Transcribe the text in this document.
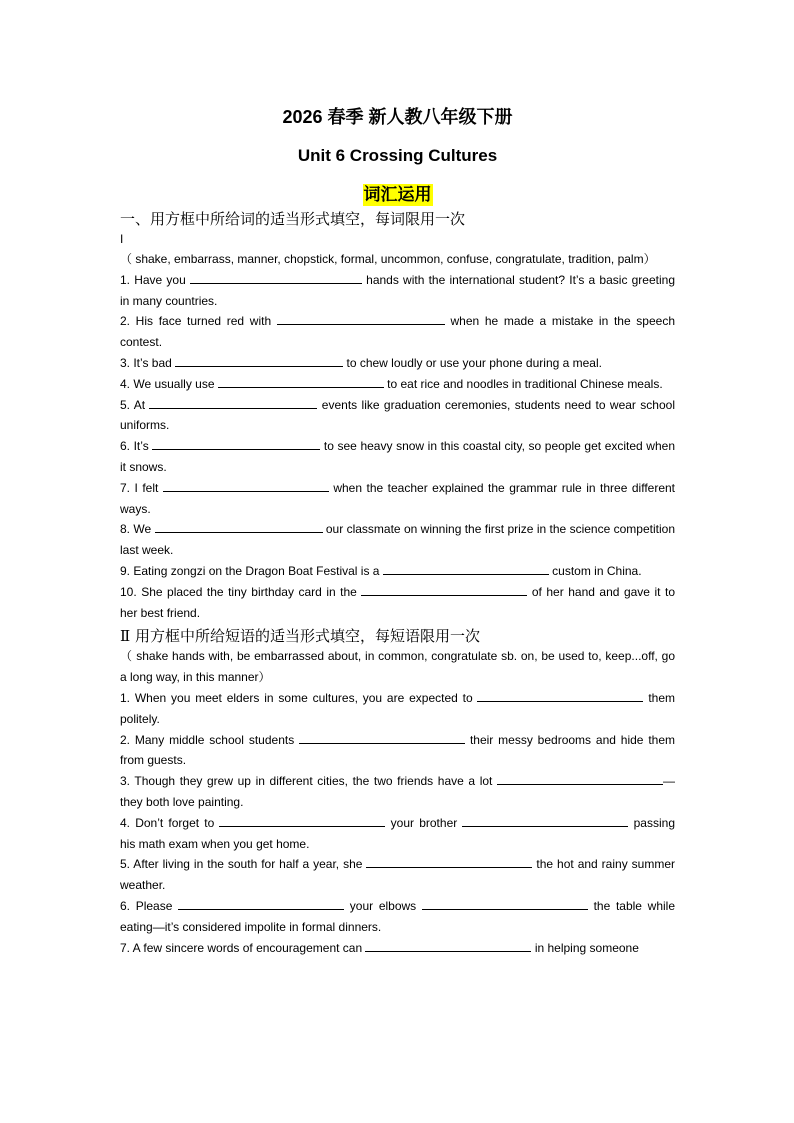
2026 春季 新人教八年级下册
Unit 6 Crossing Cultures
词汇运用
一、用方框中所给词的适当形式填空，每词限用一次
I

（ shake, embarrass, manner, chopstick, formal, uncommon, confuse, congratulate, tradition, palm）

1. Have you	hands with the international student? It’s a basic greeting in many countries.

2. His face turned red with	when he made a mistake in the speech contest.

3. It’s bad	to chew loudly or use your phone during a meal.

4. We usually use	to eat rice and noodles in traditional Chinese meals.

5. At	events like graduation ceremonies, students need to wear school uniforms.

6. It’s	to see heavy snow in this coastal city, so people get excited when it snows.

7. I felt	when the teacher explained the grammar rule in three different ways.

8. We	our classmate on winning the first prize in the science competition last week.

9. Eating zongzi on the Dragon Boat Festival is a	custom in China.

10. She placed the tiny birthday card in the	of her hand and gave it to her best friend.

Ⅱ 用方框中所给短语的适当形式填空，每短语限用一次

（ shake hands with, be embarrassed about, in common, congratulate sb. on, be used to, keep...off, go a long way, in this manner）

1. When you meet elders in some cultures, you are expected to	them politely.

2. Many middle school students	their messy bedrooms and hide them from guests.

3. Though they grew up in different cities, the two friends have a lot	—they both love painting.

4. Don’t forget to	your brother	passing his math exam when you get home.

5. After living in the south for half a year, she	the hot and rainy summer weather.

6. Please	your elbows	the table while eating—it’s considered impolite in formal dinners.

7. A few sincere words of encouragement can	in helping someone
